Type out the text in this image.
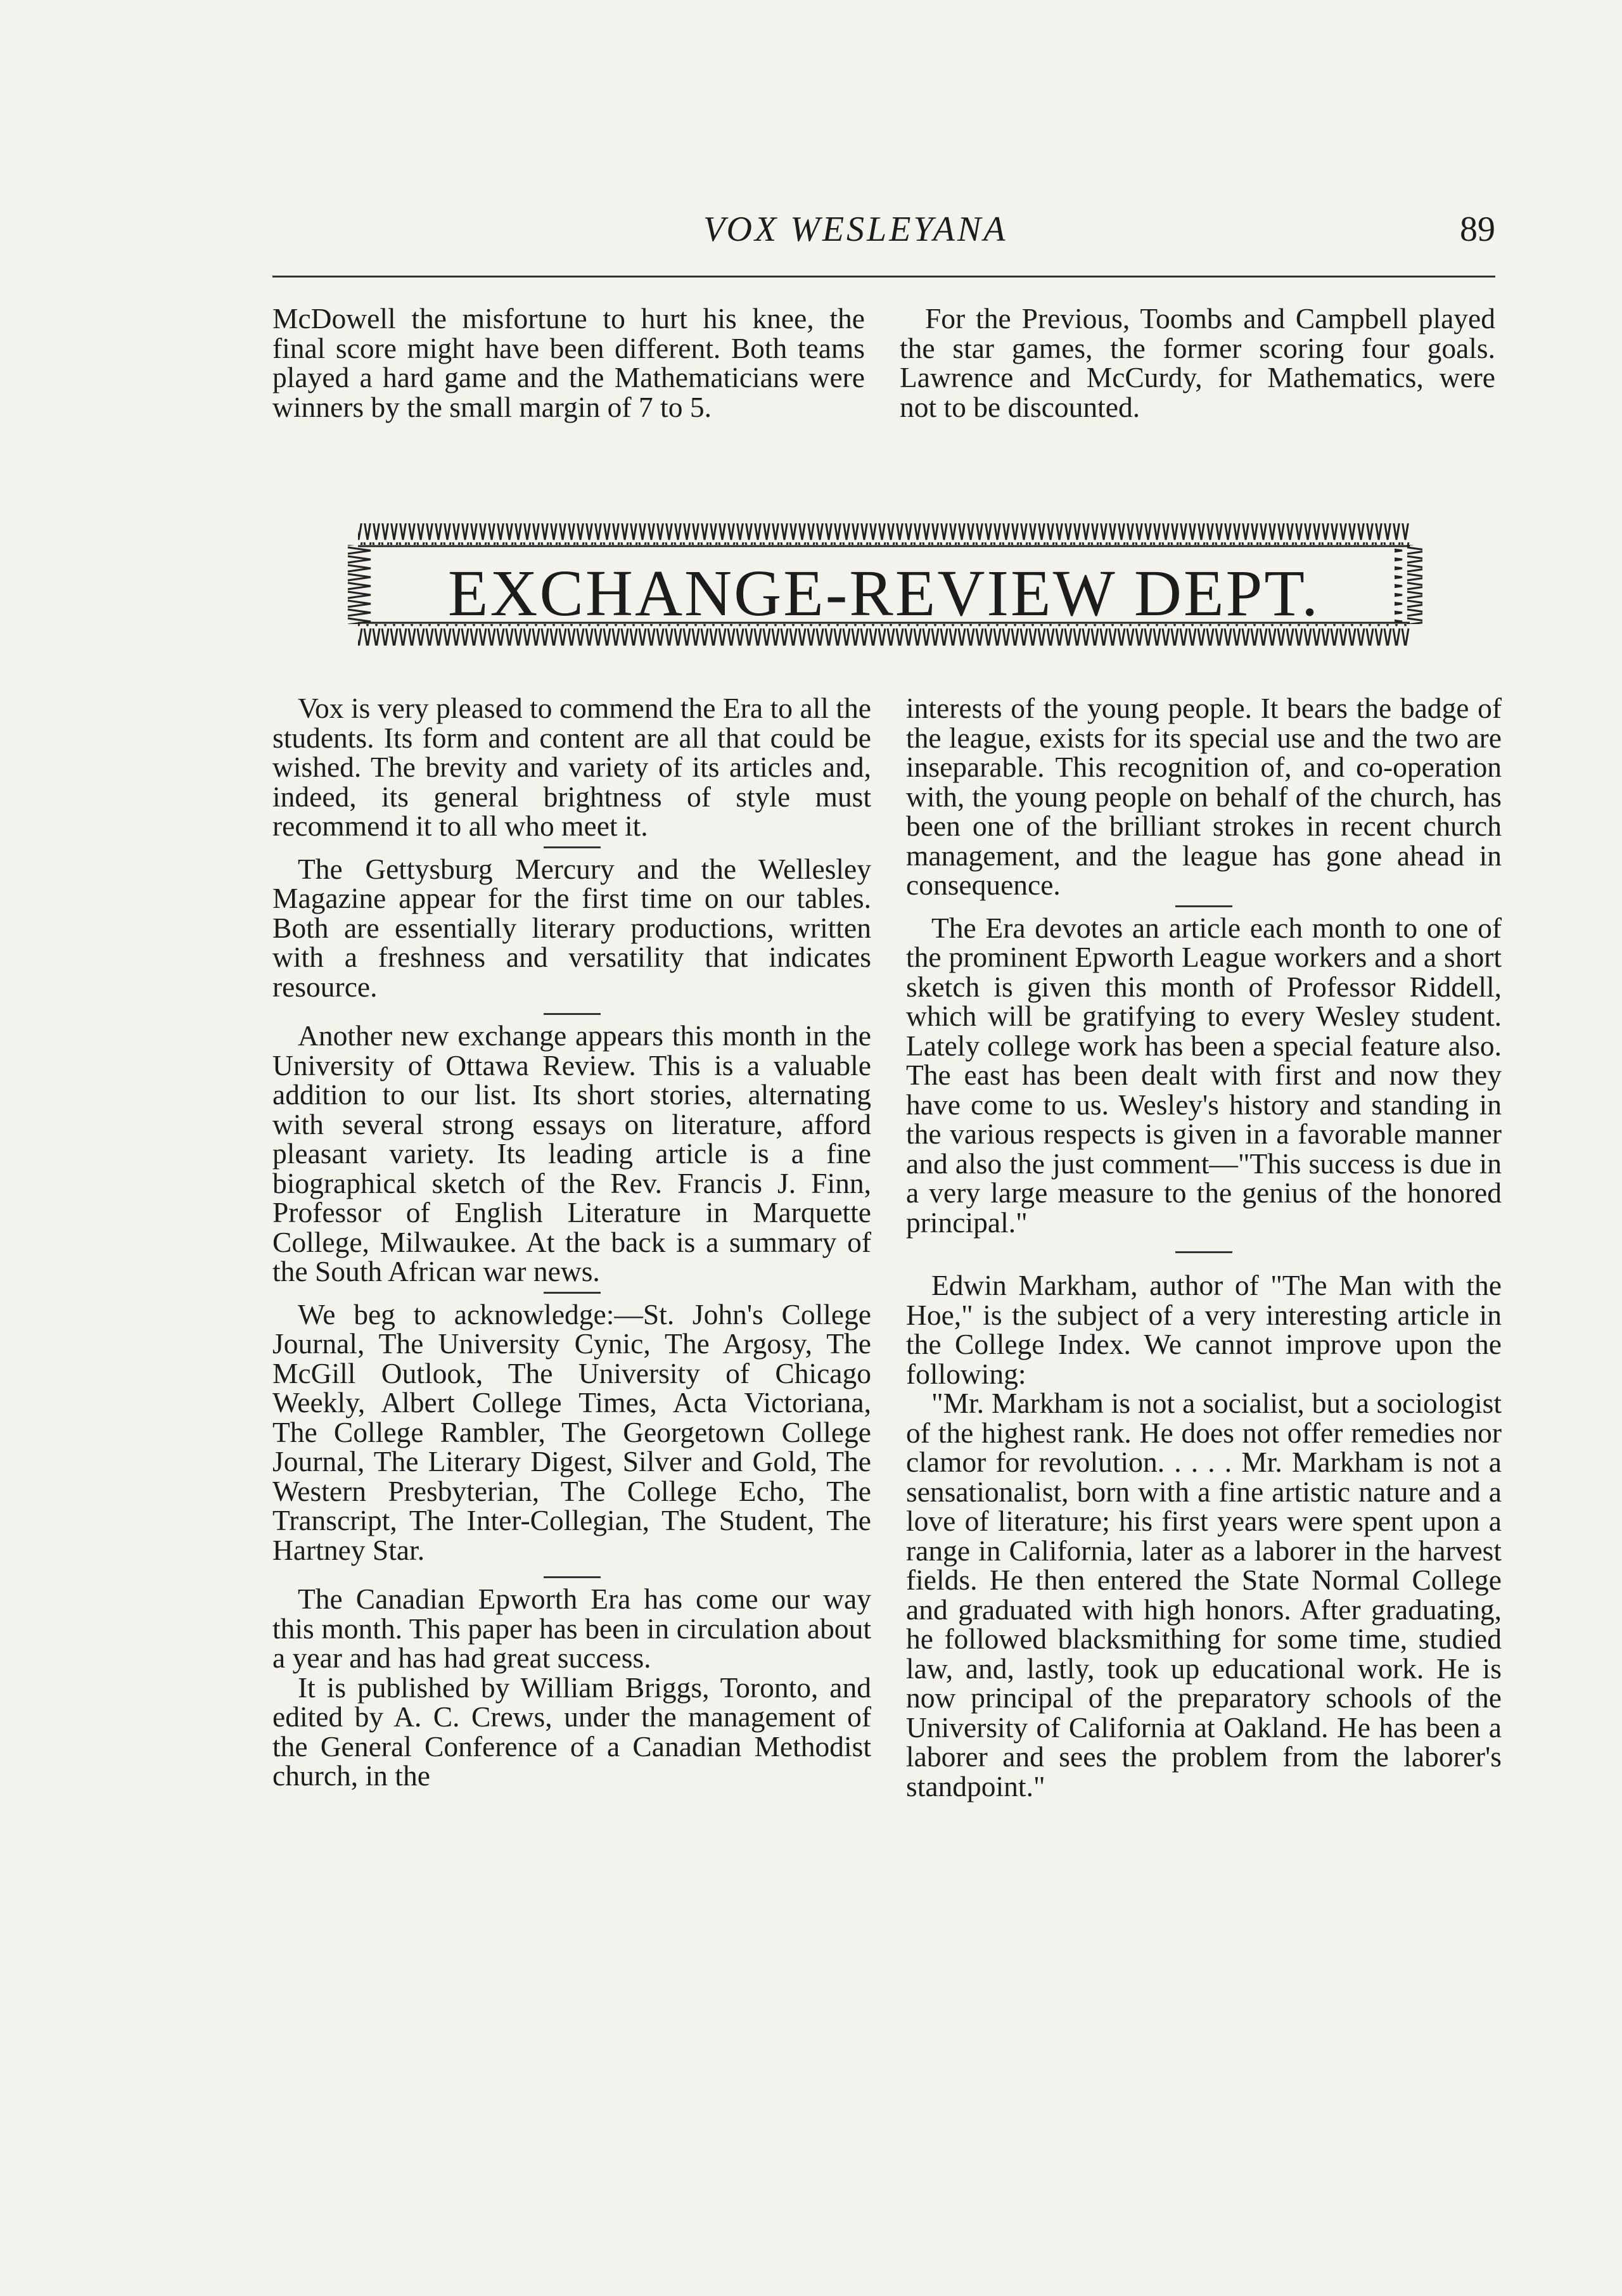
VOX WESLEYANA	89

McDowell the misfortune to hurt his knee, the final score might have been different. Both teams played a hard game and the Mathematicians were winners by the small margin of 7 to 5.

For the Previous, Toombs and Campbell played the star games, the former scoring four goals. Lawrence and McCurdy, for Mathematics, were not to be discounted.

EXCHANGE-REVIEW DEPT.

Vox is very pleased to commend the Era to all the students. Its form and content are all that could be wished. The brevity and variety of its articles and, indeed, its general brightness of style must recommend it to all who meet it.

The Gettysburg Mercury and the Wellesley Magazine appear for the first time on our tables. Both are essentially literary productions, written with a freshness and versatility that indicates resource.

Another new exchange appears this month in the University of Ottawa Review. This is a valuable addition to our list. Its short stories, alternating with several strong essays on literature, afford pleasant variety. Its leading article is a fine biographical sketch of the Rev. Francis J. Finn, Professor of English Literature in Marquette College, Milwaukee. At the back is a summary of the South African war news.

We beg to acknowledge:—St. John's College Journal, The University Cynic, The Argosy, The McGill Outlook, The University of Chicago Weekly, Albert College Times, Acta Victoriana, The College Rambler, The Georgetown College Journal, The Literary Digest, Silver and Gold, The Western Presbyterian, The College Echo, The Transcript, The Inter-Collegian, The Student, The Hartney Star.

The Canadian Epworth Era has come our way this month. This paper has been in circulation about a year and has had great success.

It is published by William Briggs, Toronto, and edited by A. C. Crews, under the management of the General Conference of a Canadian Methodist church, in the

interests of the young people. It bears the badge of the league, exists for its special use and the two are inseparable. This recognition of, and co-operation with, the young people on behalf of the church, has been one of the brilliant strokes in recent church management, and the league has gone ahead in consequence.

The Era devotes an article each month to one of the prominent Epworth League workers and a short sketch is given this month of Professor Riddell, which will be gratifying to every Wesley student. Lately college work has been a special feature also. The east has been dealt with first and now they have come to us. Wesley's history and standing in the various respects is given in a favorable manner and also the just comment—"This success is due in a very large measure to the genius of the honored principal."

Edwin Markham, author of "The Man with the Hoe," is the subject of a very interesting article in the College Index. We cannot improve upon the following:

"Mr. Markham is not a socialist, but a sociologist of the highest rank. He does not offer remedies nor clamor for revolution. . . . . Mr. Markham is not a sensationalist, born with a fine artistic nature and a love of literature; his first years were spent upon a range in California, later as a laborer in the harvest fields. He then entered the State Normal College and graduated with high honors. After graduating, he followed blacksmithing for some time, studied law, and, lastly, took up educational work. He is now principal of the preparatory schools of the University of California at Oakland. He has been a laborer and sees the problem from the laborer's standpoint."
